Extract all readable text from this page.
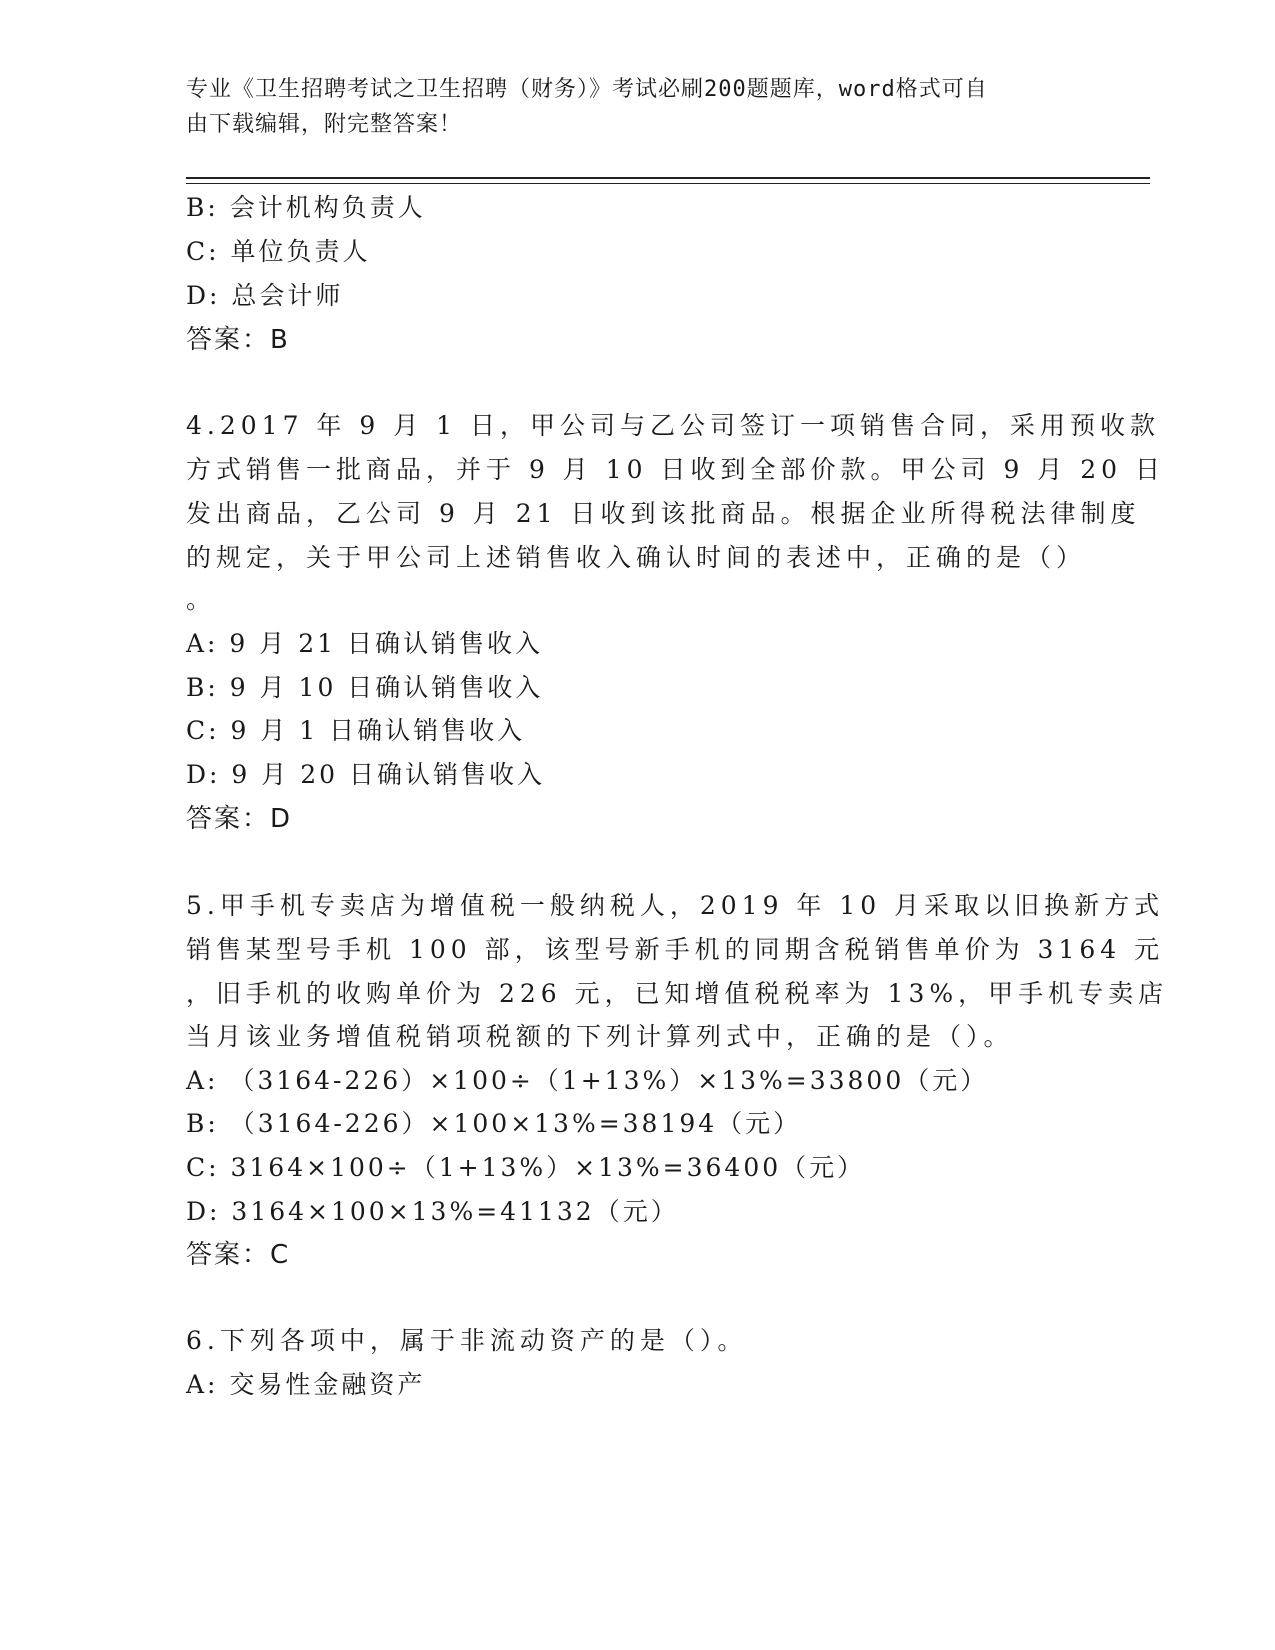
专业《卫生招聘考试之卫生招聘（财务）》考试必刷200题题库，word格式可自
由下载编辑，附完整答案！
B: 会计机构负责人
C: 单位负责人
D: 总会计师
答案：B
4.2017 年 9 月 1 日，甲公司与乙公司签订一项销售合同，采用预收款
方式销售一批商品，并于 9 月 10 日收到全部价款。甲公司 9 月 20 日
发出商品，乙公司 9 月 21 日收到该批商品。根据企业所得税法律制度
的规定，关于甲公司上述销售收入确认时间的表述中，正确的是（）
。
A: 9 月 21 日确认销售收入
B: 9 月 10 日确认销售收入
C: 9 月 1 日确认销售收入
D: 9 月 20 日确认销售收入
答案：D
5.甲手机专卖店为增值税一般纳税人，2019 年 10 月采取以旧换新方式
销售某型号手机 100 部，该型号新手机的同期含税销售单价为 3164 元
，旧手机的收购单价为 226 元，已知增值税税率为 13%，甲手机专卖店
当月该业务增值税销项税额的下列计算列式中，正确的是（）。
A: （3164-226）×100÷（1+13%）×13%=33800（元）
B: （3164-226）×100×13%=38194（元）
C: 3164×100÷（1+13%）×13%=36400（元）
D: 3164×100×13%=41132（元）
答案：C
6.下列各项中，属于非流动资产的是（）。
A: 交易性金融资产
